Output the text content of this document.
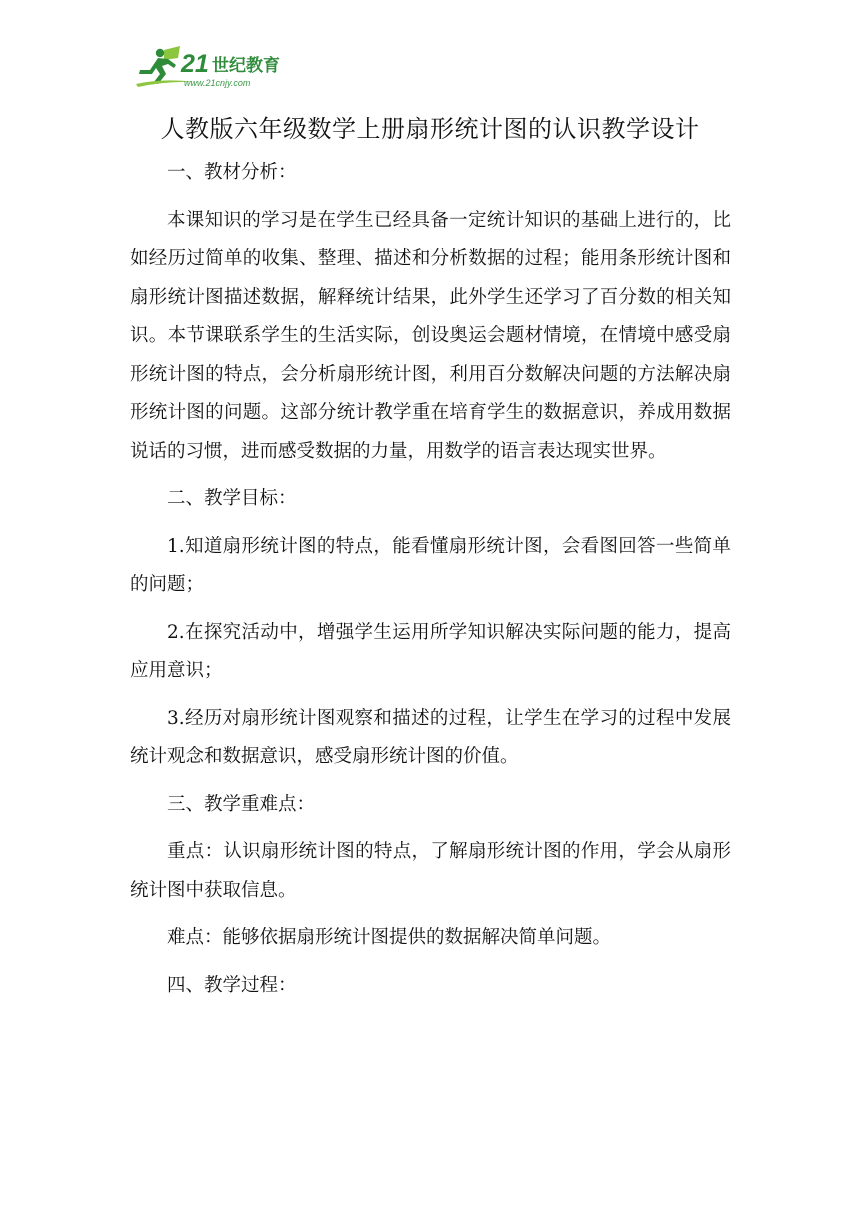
21 世纪教育
www.21cnjy.com
人教版六年级数学上册扇形统计图的认识教学设计

一、教材分析：

本课知识的学习是在学生已经具备一定统计知识的基础上进行的，比如经历过简单的收集、整理、描述和分析数据的过程；能用条形统计图和扇形统计图描述数据，解释统计结果，此外学生还学习了百分数的相关知识。本节课联系学生的生活实际，创设奥运会题材情境，在情境中感受扇形统计图的特点，会分析扇形统计图，利用百分数解决问题的方法解决扇形统计图的问题。这部分统计教学重在培育学生的数据意识，养成用数据说话的习惯，进而感受数据的力量，用数学的语言表达现实世界。

二、教学目标：

1.知道扇形统计图的特点，能看懂扇形统计图，会看图回答一些简单的问题；

2.在探究活动中，增强学生运用所学知识解决实际问题的能力，提高应用意识；

3.经历对扇形统计图观察和描述的过程，让学生在学习的过程中发展统计观念和数据意识，感受扇形统计图的价值。

三、教学重难点：

重点：认识扇形统计图的特点，了解扇形统计图的作用，学会从扇形统计图中获取信息。

难点：能够依据扇形统计图提供的数据解决简单问题。

四、教学过程：
